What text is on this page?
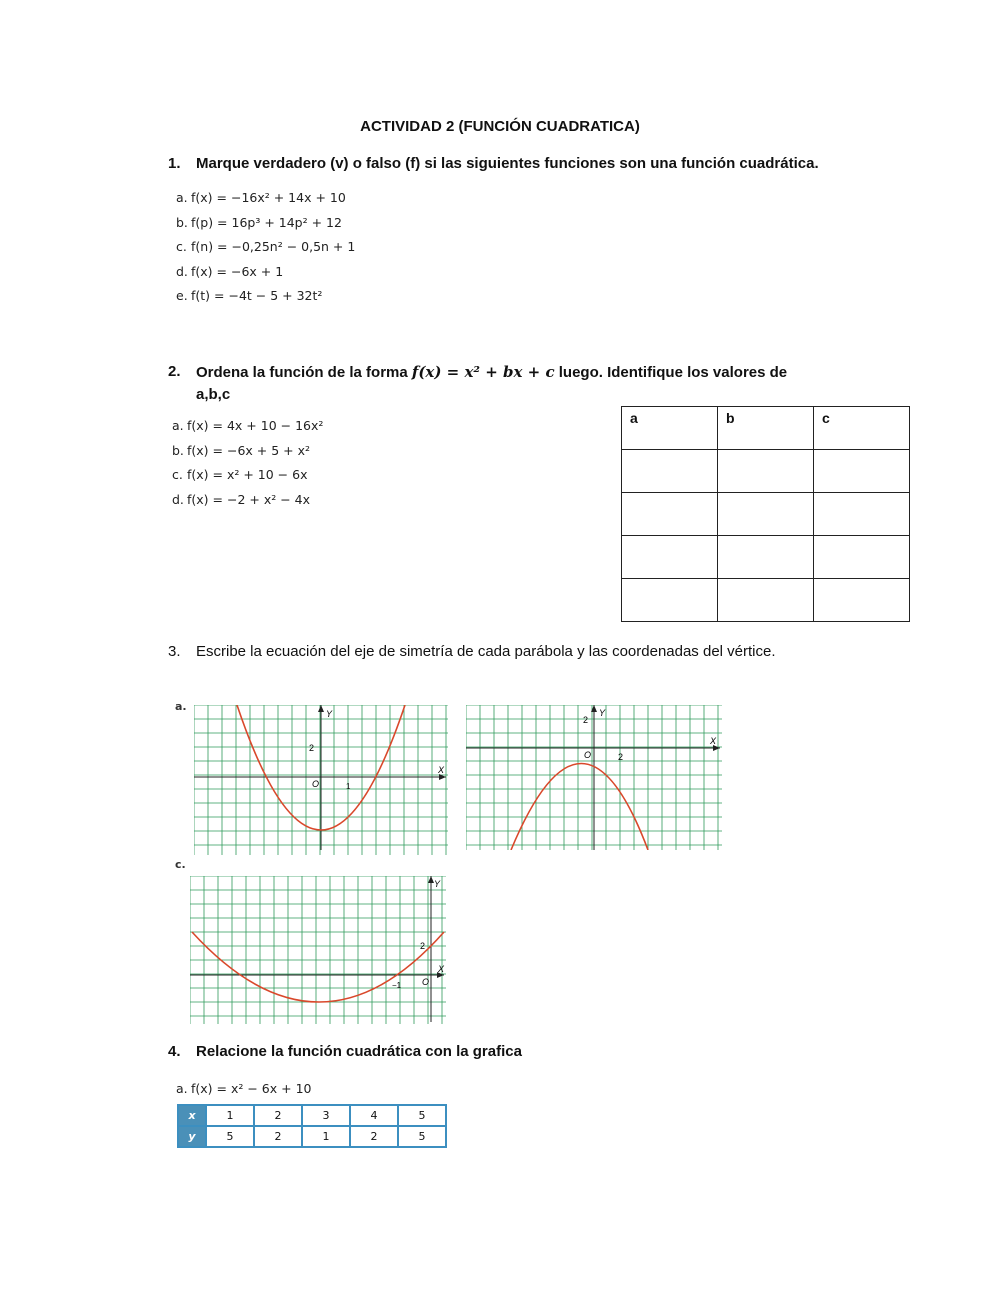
ACTIVIDAD 2 (FUNCIÓN CUADRATICA)
1. Marque verdadero (v) o falso (f) si las siguientes funciones son una función cuadrática.
a. f(x) = −16x² + 14x + 10
b. f(p) = 16p³ + 14p² + 12
c. f(n) = −0,25n² − 0,5n + 1
d. f(x) = −6x + 1
e. f(t) = −4t − 5 + 32t²
2. Ordena la función de la forma f(x) = x² + bx + c luego. Identifique los valores de
a,b,c
a. f(x) = 4x + 10 − 16x²
b. f(x) = −6x + 5 + x²
c. f(x) = x² + 10 − 6x
d. f(x) = −2 + x² − 4x
a	b	c

3. Escribe la ecuación del eje de simetría de cada parábola y las coordenadas del vértice.
a.
c.
Y
X
O
2
1
Y
X
O
2
2
Y
X
O
2
−1
4. Relacione la función cuadrática con la grafica
a. f(x) = x² − 6x + 10
x	1	2	3	4	5
y	5	2	1	2	5
